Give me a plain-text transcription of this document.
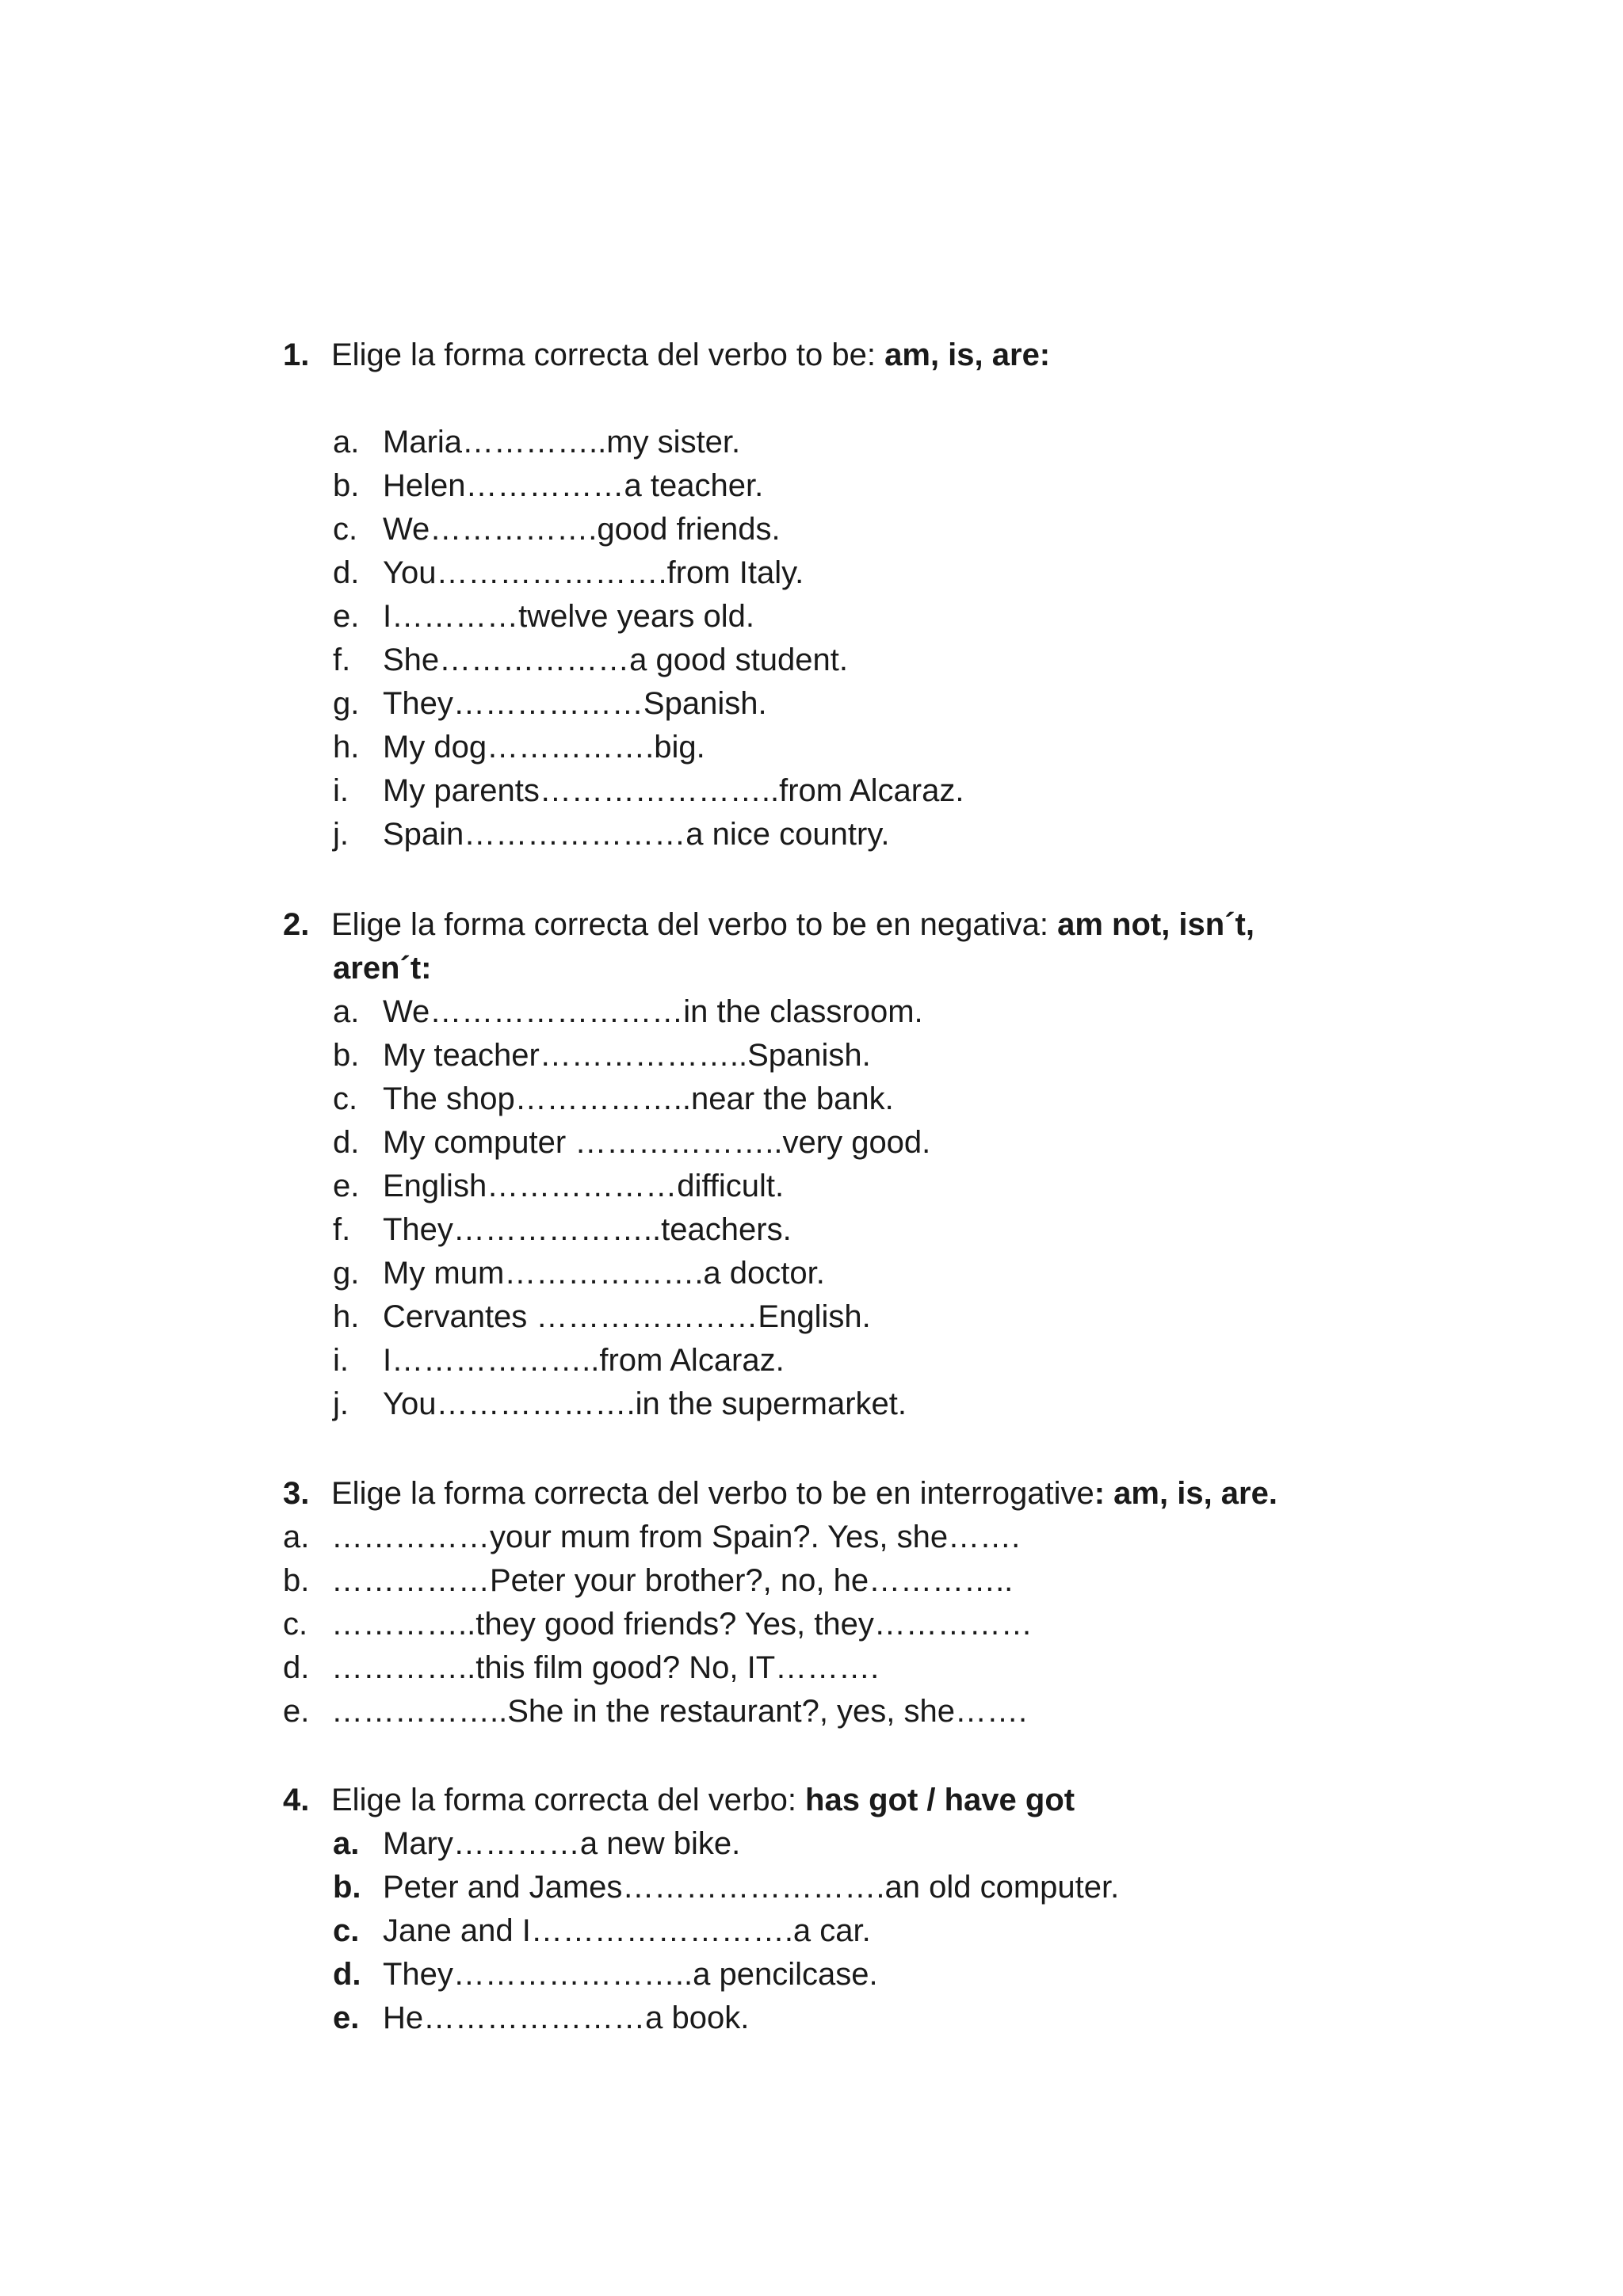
1. Elige la forma correcta del verbo to be: am, is, are:
a. Maria…………..my sister.
b. Helen……………a teacher.
c. We…………….good friends.
d. You………………….from Italy.
e. I…………twelve years old.
f. She………………a good student.
g. They………………Spanish.
h. My dog…………….big.
i. My parents…………………..from Alcaraz.
j. Spain…………………a nice country.
2. Elige la forma correcta del verbo to be en negativa: am not, isn´t,
aren´t:
a. We……………………in the classroom.
b. My teacher………………..Spanish.
c. The shop……………..near the bank.
d. My computer ………………..very good.
e. English………………difficult.
f. They………………..teachers.
g. My mum……………….a doctor.
h. Cervantes …………………English.
i. I………………..from Alcaraz.
j. You……………….in the supermarket.
3. Elige la forma correcta del verbo to be en interrogative: am, is, are.
a. ……………your mum from Spain?. Yes, she…….
b. ……………Peter your brother?, no, he…………..
c. …………..they good friends? Yes, they……………
d. …………..this film good? No, IT……….
e. ……………..She in the restaurant?, yes, she…….
4. Elige la forma correcta del verbo: has got / have got
a. Mary…………a new bike.
b. Peter and James…………………….an old computer.
c. Jane and I…………………….a car.
d. They…………………..a pencilcase.
e. He…………………a book.
